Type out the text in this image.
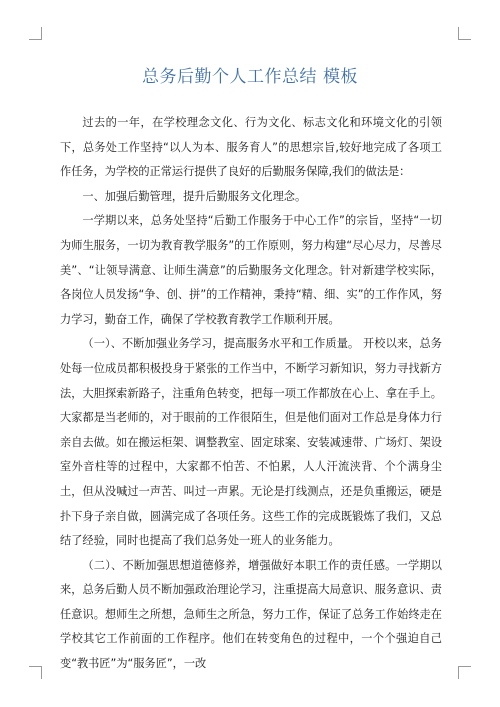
总务后勤个人工作总结 模板

过去的一年，在学校理念文化、行为文化、标志文化和环境文化的引领下，总务处工作坚持“以人为本、服务育人”的思想宗旨,较好地完成了各项工作任务，为学校的正常运行提供了良好的后勤服务保障,我们的做法是：

一、加强后勤管理，提升后勤服务文化理念。

一学期以来，总务处坚持“后勤工作服务于中心工作”的宗旨，坚持“一切为师生服务，一切为教育教学服务”的工作原则，努力构建“尽心尽力，尽善尽美”、“让领导满意、让师生满意”的后勤服务文化理念。针对新建学校实际，各岗位人员发扬“争、创、拼”的工作精神，秉持“精、细、实”的工作作风，努力学习，勤奋工作，确保了学校教育教学工作顺利开展。

（一）、不断加强业务学习，提高服务水平和工作质量。 开校以来，总务处每一位成员都积极投身于紧张的工作当中，不断学习新知识，努力寻找新方法，大胆探索新路子，注重角色转变，把每一项工作都放在心上、拿在手上。大家都是当老师的，对于眼前的工作很陌生，但是他们面对工作总是身体力行亲自去做。如在搬运柜架、调整教室、固定球案、安装减速带、广场灯、架设室外音柱等的过程中，大家都不怕苦、不怕累，人人汗流浃背、个个满身尘土，但从没喊过一声苦、叫过一声累。无论是打线测点，还是负重搬运，硬是扑下身子亲自做，圆满完成了各项任务。这些工作的完成既锻炼了我们，又总结了经验，同时也提高了我们总务处一班人的业务能力。

（二）、不断加强思想道德修养，增强做好本职工作的责任感。一学期以来，总务后勤人员不断加强政治理论学习，注重提高大局意识、服务意识、责任意识。想师生之所想，急师生之所急，努力工作，保证了总务工作始终走在学校其它工作前面的工作程序。他们在转变角色的过程中，一个个强迫自己变“教书匠”为“服务匠”，一改
